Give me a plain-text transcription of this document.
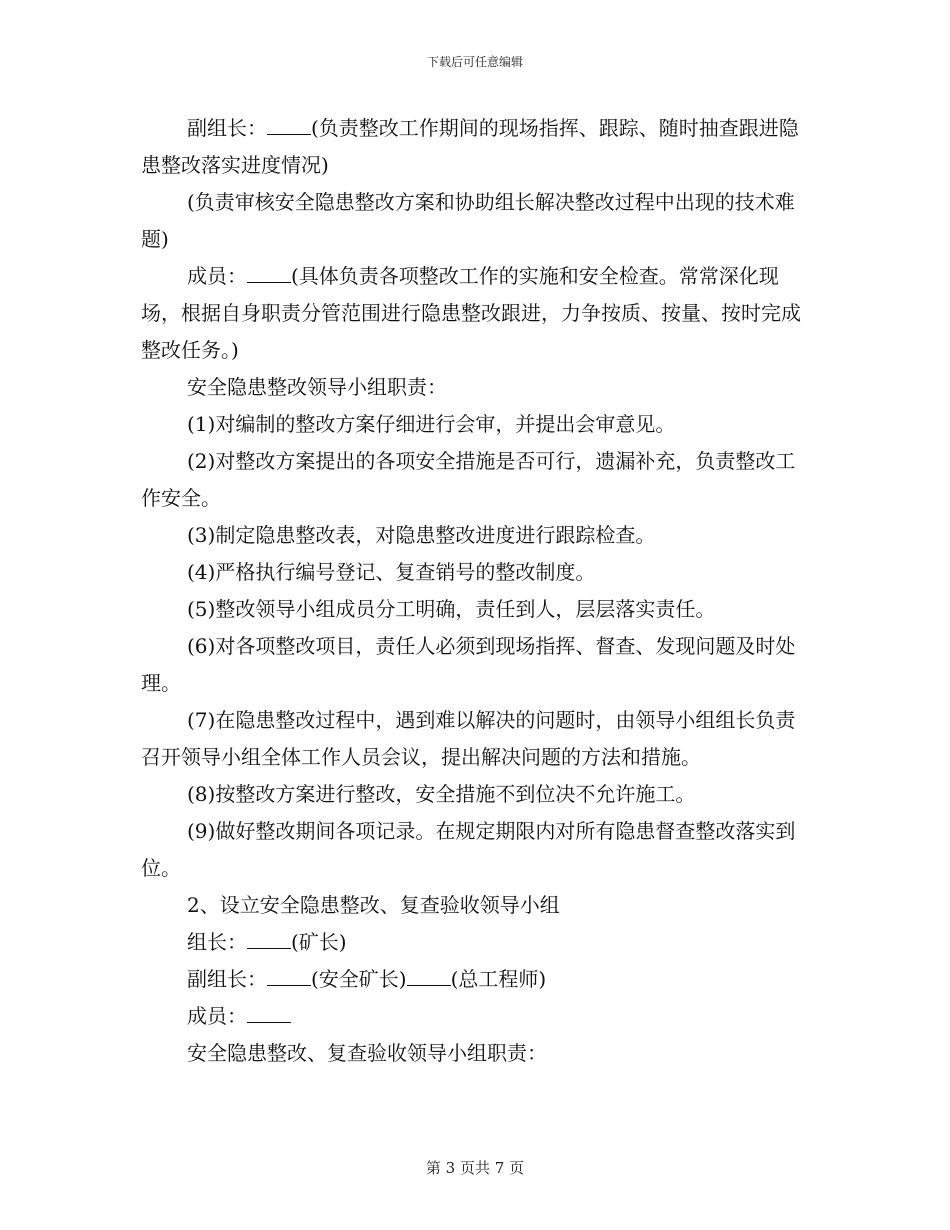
下载后可任意编辑

副组长： (负责整改工作期间的现场指挥、跟踪、随时抽查跟进隐患整改落实进度情况)

(负责审核安全隐患整改方案和协助组长解决整改过程中出现的技术难题)

成员： (具体负责各项整改工作的实施和安全检查。常常深化现场，根据自身职责分管范围进行隐患整改跟进，力争按质、按量、按时完成整改任务。)

安全隐患整改领导小组职责：

(1)对编制的整改方案仔细进行会审，并提出会审意见。

(2)对整改方案提出的各项安全措施是否可行，遗漏补充，负责整改工作安全。

(3)制定隐患整改表，对隐患整改进度进行跟踪检查。

(4)严格执行编号登记、复查销号的整改制度。

(5)整改领导小组成员分工明确，责任到人，层层落实责任。

(6)对各项整改项目，责任人必须到现场指挥、督查、发现问题及时处理。

(7)在隐患整改过程中，遇到难以解决的问题时，由领导小组组长负责召开领导小组全体工作人员会议，提出解决问题的方法和措施。

(8)按整改方案进行整改，安全措施不到位决不允许施工。

(9)做好整改期间各项记录。在规定期限内对所有隐患督查整改落实到位。

2、设立安全隐患整改、复查验收领导小组

组长： (矿长)

副组长： (安全矿长) (总工程师)

成员：

安全隐患整改、复查验收领导小组职责：

第 3 页共 7 页
